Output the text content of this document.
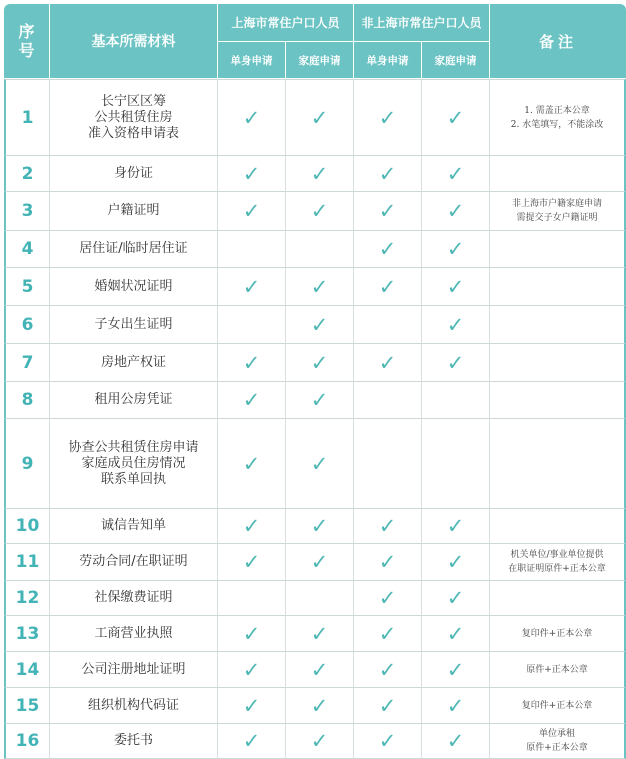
序
号	基本所需材料	上海市常住户口人员		非上海市常住户口人员		备注
		单身申请	家庭申请	单身申请	家庭申请	
1	长宁区区筹
公共租赁住房
准入资格申请表	✓	✓	✓	✓	1. 需盖正本公章
2. 水笔填写，不能涂改

2	身份证	✓	✓	✓	✓	
3	户籍证明	✓	✓	✓	✓	非上海市户籍家庭申请
需提交子女户籍证明

4	居住证/临时居住证			✓	✓	
5	婚姻状况证明	✓	✓	✓	✓	
6	子女出生证明		✓		✓	
7	房地产权证	✓	✓	✓	✓	
8	租用公房凭证	✓	✓			
9	协查公共租赁住房申请
家庭成员住房情况
联系单回执	✓	✓			
10	诚信告知单	✓	✓	✓	✓	
11	劳动合同/在职证明	✓	✓	✓	✓	机关单位/事业单位提供
在职证明原件+正本公章

12	社保缴费证明			✓	✓	
13	工商营业执照	✓	✓	✓	✓	复印件+正本公章

14	公司注册地址证明	✓	✓	✓	✓	原件+正本公章

15	组织机构代码证	✓	✓	✓	✓	复印件+正本公章

16	委托书	✓	✓	✓	✓	单位承租
原件+正本公章
